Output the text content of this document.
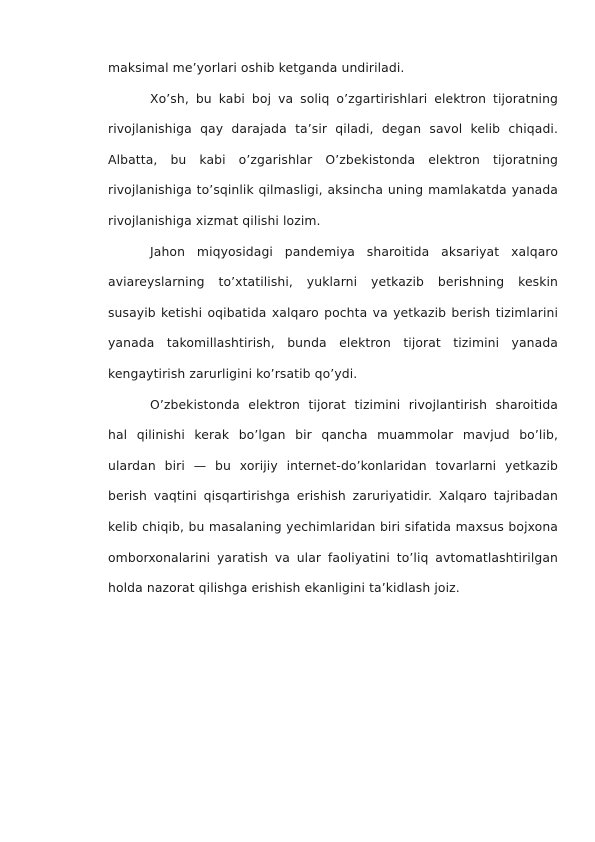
maksimal me’yorlari oshib ketganda undiriladi.

Xo’sh, bu kabi boj va soliq o’zgartirishlari elektron tijoratning rivojlanishiga qay darajada ta’sir qiladi, degan savol kelib chiqadi. Albatta, bu kabi o’zgarishlar O’zbekistonda elektron tijoratning rivojlanishiga to’sqinlik qilmasligi, aksincha uning mamlakatda yanada rivojlanishiga xizmat qilishi lozim.

Jahon miqyosidagi pandemiya sharoitida aksariyat xalqaro aviareyslarning to’xtatilishi, yuklarni yetkazib berishning keskin susayib ketishi oqibatida xalqaro pochta va yetkazib berish tizimlarini yanada takomillashtirish, bunda elektron tijorat tizimini yanada kengaytirish zarurligini ko’rsatib qo’ydi.

O’zbekistonda elektron tijorat tizimini rivojlantirish sharoitida hal qilinishi kerak bo’lgan bir qancha muammolar mavjud bo’lib, ulardan biri — bu xorijiy internet-do’konlaridan tovarlarni yetkazib berish vaqtini qisqartirishga erishish zaruriyatidir. Xalqaro tajribadan kelib chiqib, bu masalaning yechimlaridan biri sifatida maxsus bojxona omborxonalarini yaratish va ular faoliyatini to’liq avtomatlashtirilgan holda nazorat qilishga erishish ekanligini ta’kidlash joiz.
